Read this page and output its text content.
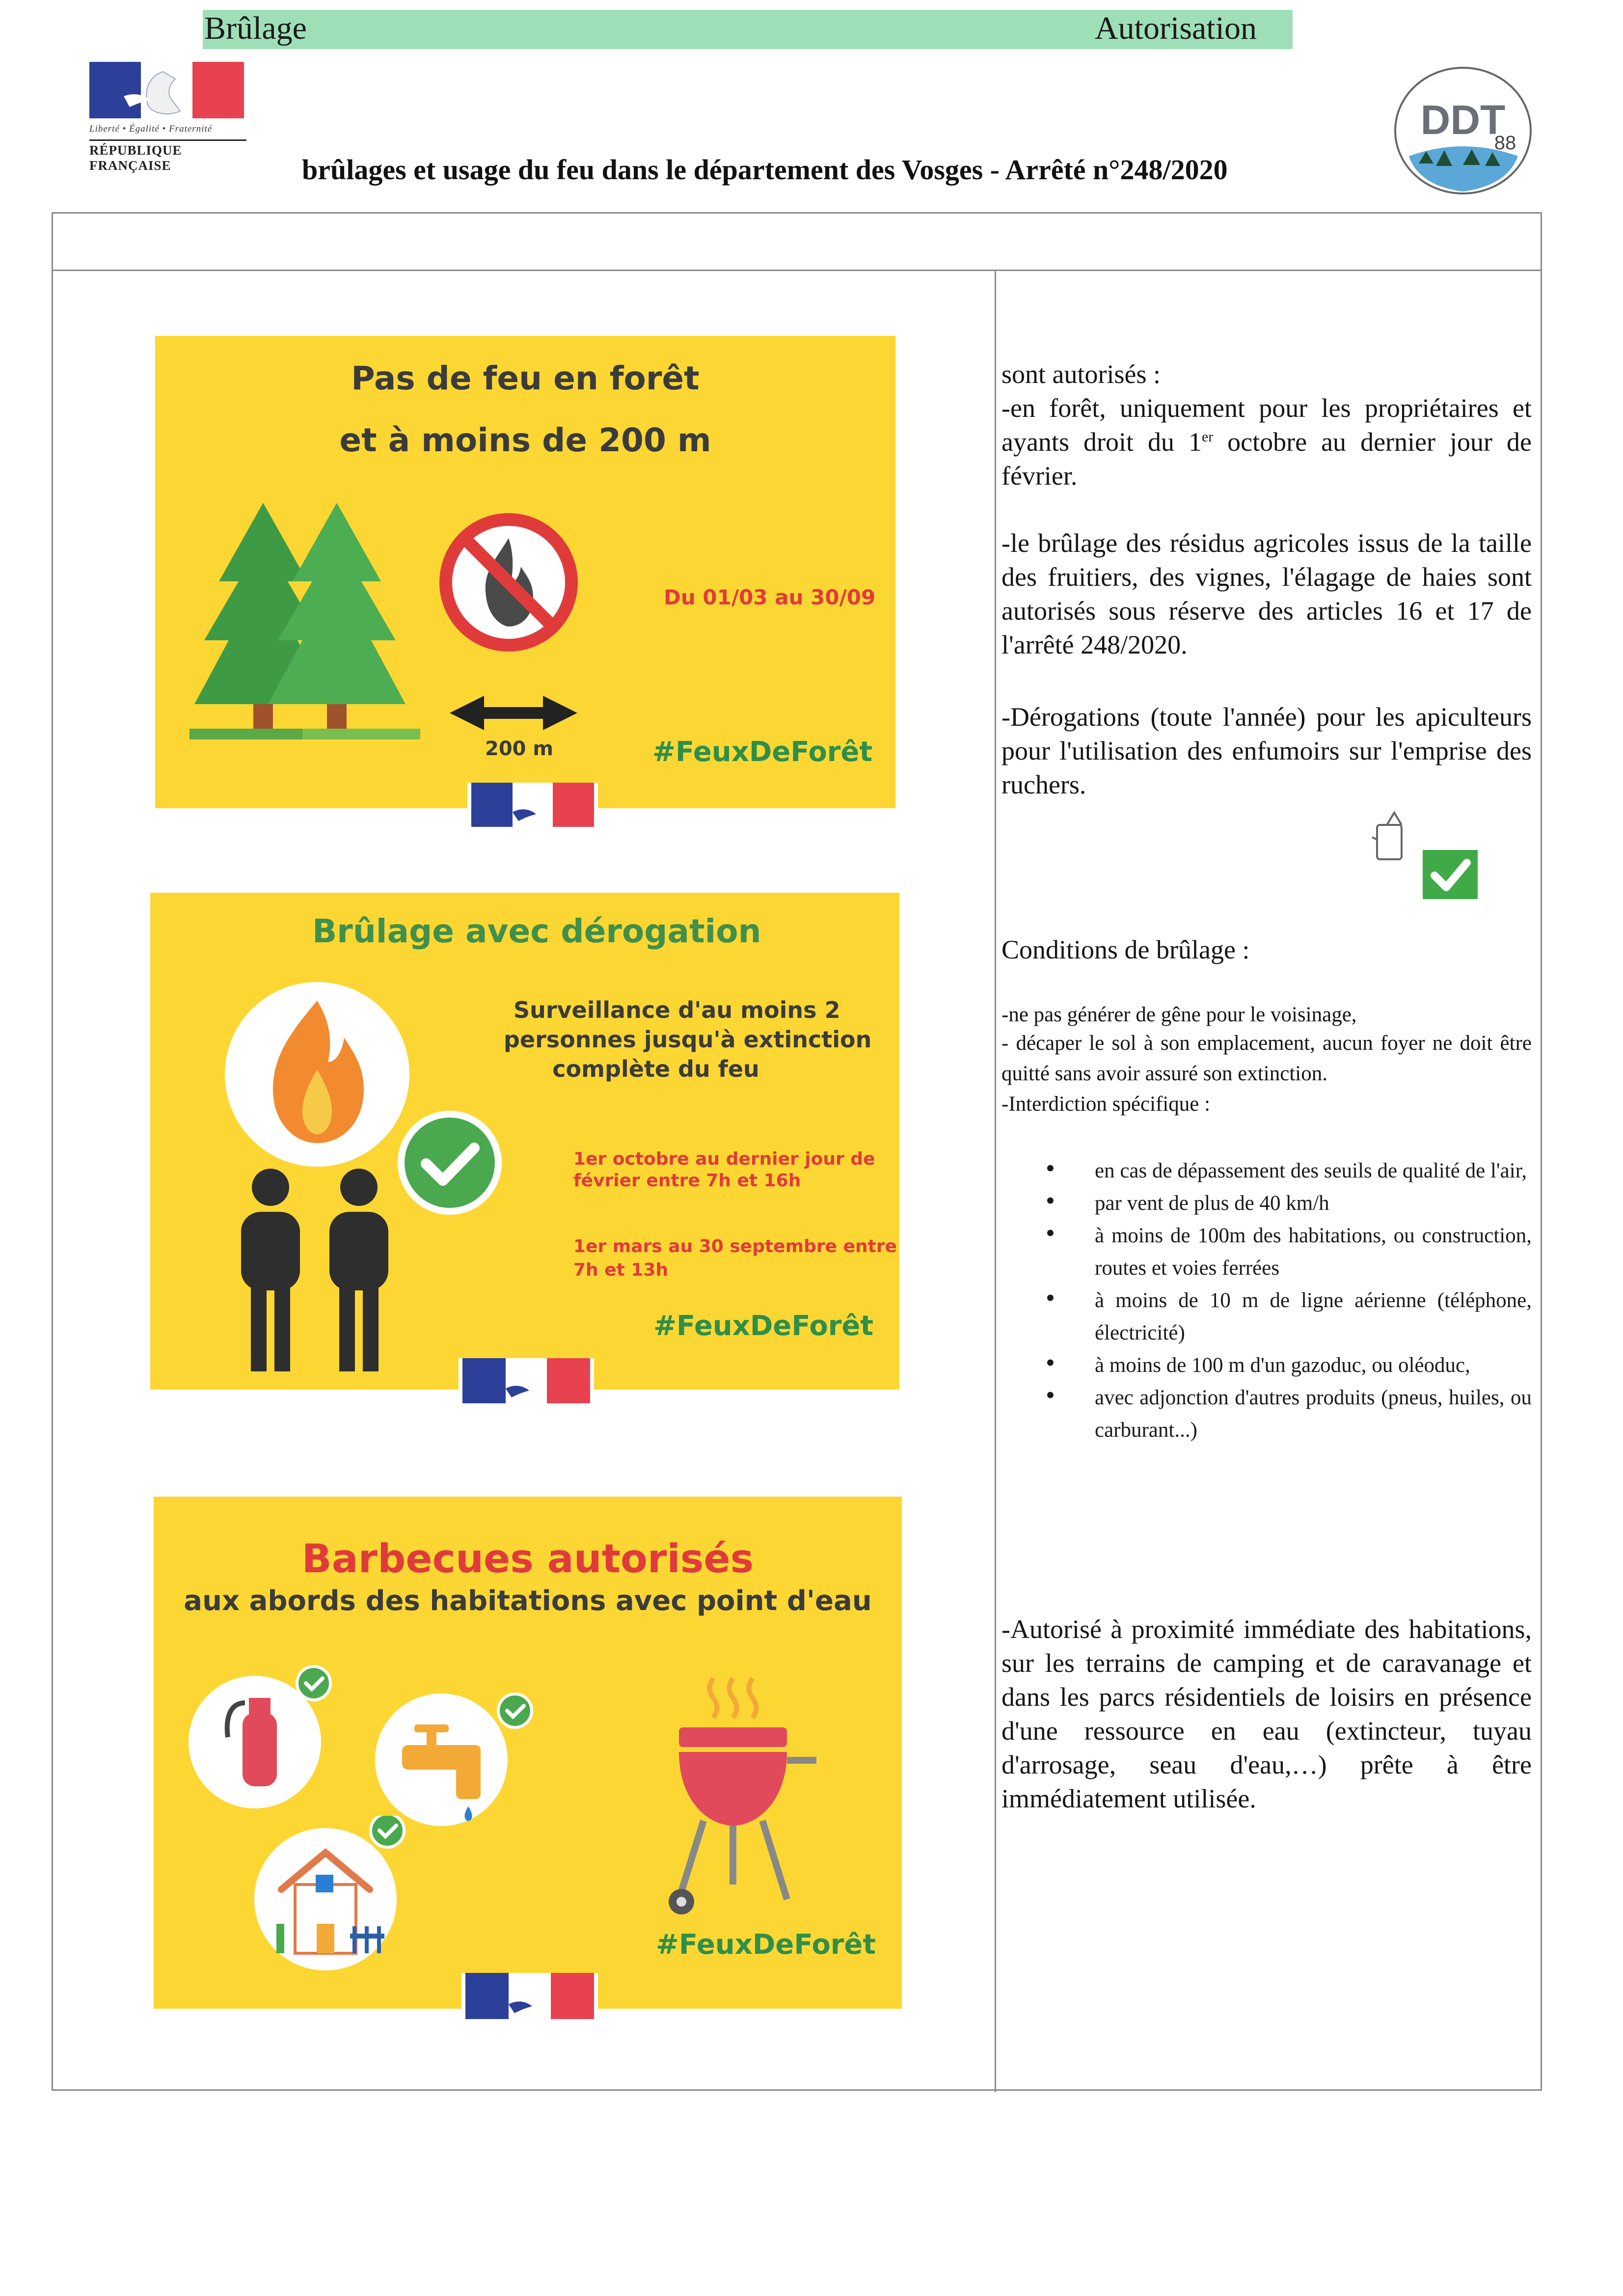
Liberté • Égalité • Fraternité
RÉPUBLIQUE FRANÇAISE	brûlages et usage du feu dans le département des Vosges - Arrêté n°248/2020
DDT
88
Brûlage	Autorisation
Pas de feu en forêt
et à moins de 200 m
200 m
Du 01/03 au 30/09
#FeuxDeForêt
Brûlage avec dérogation
Surveillance d'au moins 2
personnes jusqu'à extinction
complète du feu
1er octobre au dernier jour de
février entre 7h et 16h
1er mars au 30 septembre entre
7h et 13h
#FeuxDeForêt
Barbecues autorisés
aux abords des habitations avec point d'eau
#FeuxDeForêt
sont autorisés :
-en forêt, uniquement pour les propriétaires et ayants droit du 1er octobre au dernier jour de février.
-le brûlage des résidus agricoles issus de la taille des fruitiers, des vignes, l'élagage de haies sont autorisés sous réserve des articles 16 et 17 de l'arrêté 248/2020.
-Dérogations (toute l'année) pour les apiculteurs pour l'utilisation des enfumoirs sur l'emprise des ruchers.
Conditions de brûlage :
-ne pas générer de gêne pour le voisinage,
- décaper le sol à son emplacement, aucun foyer ne doit être quitté sans avoir assuré son extinction.
-Interdiction spécifique :
• en cas de dépassement des seuils de qualité de l'air,
• par vent de plus de 40 km/h
• à moins de 100m des habitations, ou construction, routes et voies ferrées
• à moins de 10 m de ligne aérienne (téléphone, électricité)
• à moins de 100 m d'un gazoduc, ou oléoduc,
• avec adjonction d'autres produits (pneus, huiles, ou carburant...)
-Autorisé à proximité immédiate des habitations, sur les terrains de camping et de caravanage et dans les parcs résidentiels de loisirs en présence d'une ressource en eau (extincteur, tuyau d'arrosage, seau d'eau,…) prête à être immédiatement utilisée.
